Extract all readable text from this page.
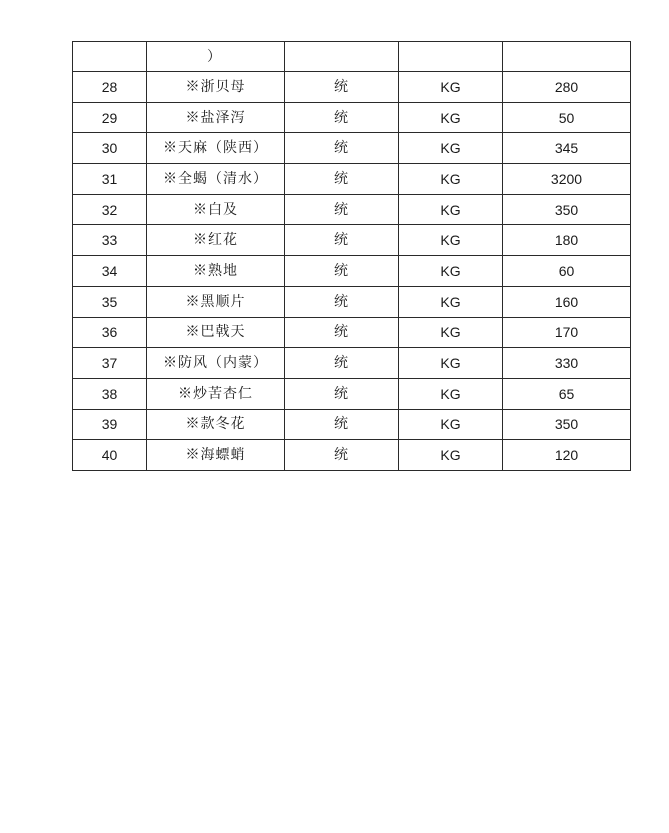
	）			
28	※浙贝母	统	KG	280
29	※盐泽泻	统	KG	50
30	※天麻（陕西）	统	KG	345
31	※全蝎（清水）	统	KG	3200
32	※白及	统	KG	350
33	※红花	统	KG	180
34	※熟地	统	KG	60
35	※黑顺片	统	KG	160
36	※巴戟天	统	KG	170
37	※防风（内蒙）	统	KG	330
38	※炒苦杏仁	统	KG	65
39	※款冬花	统	KG	350
40	※海螵蛸	统	KG	120
